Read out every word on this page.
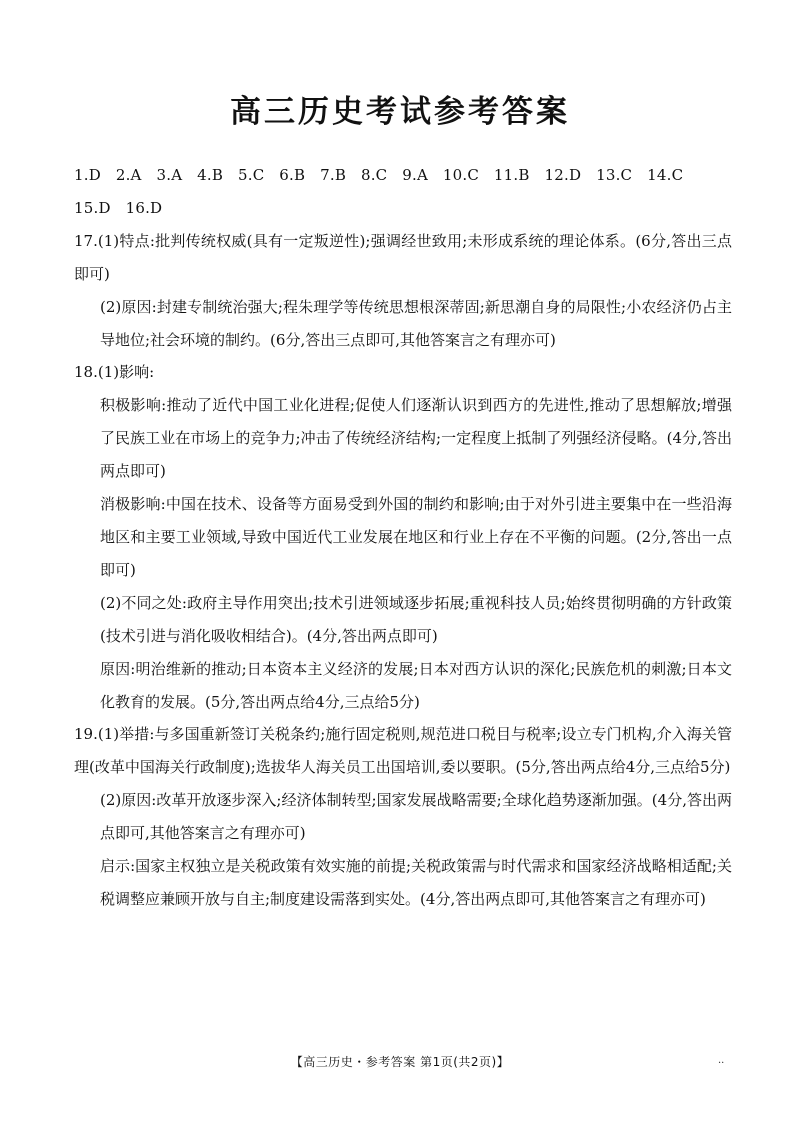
高三历史考试参考答案

1.D   2.A   3.A   4.B   5.C   6.B   7.B   8.C   9.A   10.C   11.B   12.D   13.C   14.C

15.D   16.D

17.(1)特点:批判传统权威(具有一定叛逆性);强调经世致用;未形成系统的理论体系。(6分,答出三点即可)

(2)原因:封建专制统治强大;程朱理学等传统思想根深蒂固;新思潮自身的局限性;小农经济仍占主导地位;社会环境的制约。(6分,答出三点即可,其他答案言之有理亦可)

18.(1)影响:

积极影响:推动了近代中国工业化进程;促使人们逐渐认识到西方的先进性,推动了思想解放;增强了民族工业在市场上的竞争力;冲击了传统经济结构;一定程度上抵制了列强经济侵略。(4分,答出两点即可)

消极影响:中国在技术、设备等方面易受到外国的制约和影响;由于对外引进主要集中在一些沿海地区和主要工业领域,导致中国近代工业发展在地区和行业上存在不平衡的问题。(2分,答出一点即可)

(2)不同之处:政府主导作用突出;技术引进领域逐步拓展;重视科技人员;始终贯彻明确的方针政策(技术引进与消化吸收相结合)。(4分,答出两点即可)

原因:明治维新的推动;日本资本主义经济的发展;日本对西方认识的深化;民族危机的刺激;日本文化教育的发展。(5分,答出两点给4分,三点给5分)

19.(1)举措:与多国重新签订关税条约;施行固定税则,规范进口税目与税率;设立专门机构,介入海关管理(改革中国海关行政制度);选拔华人海关员工出国培训,委以要职。(5分,答出两点给4分,三点给5分)

(2)原因:改革开放逐步深入;经济体制转型;国家发展战略需要;全球化趋势逐渐加强。(4分,答出两点即可,其他答案言之有理亦可)

启示:国家主权独立是关税政策有效实施的前提;关税政策需与时代需求和国家经济战略相适配;关税调整应兼顾开放与自主;制度建设需落到实处。(4分,答出两点即可,其他答案言之有理亦可)

【高三历史・参考答案 第1页(共2页)】	··
